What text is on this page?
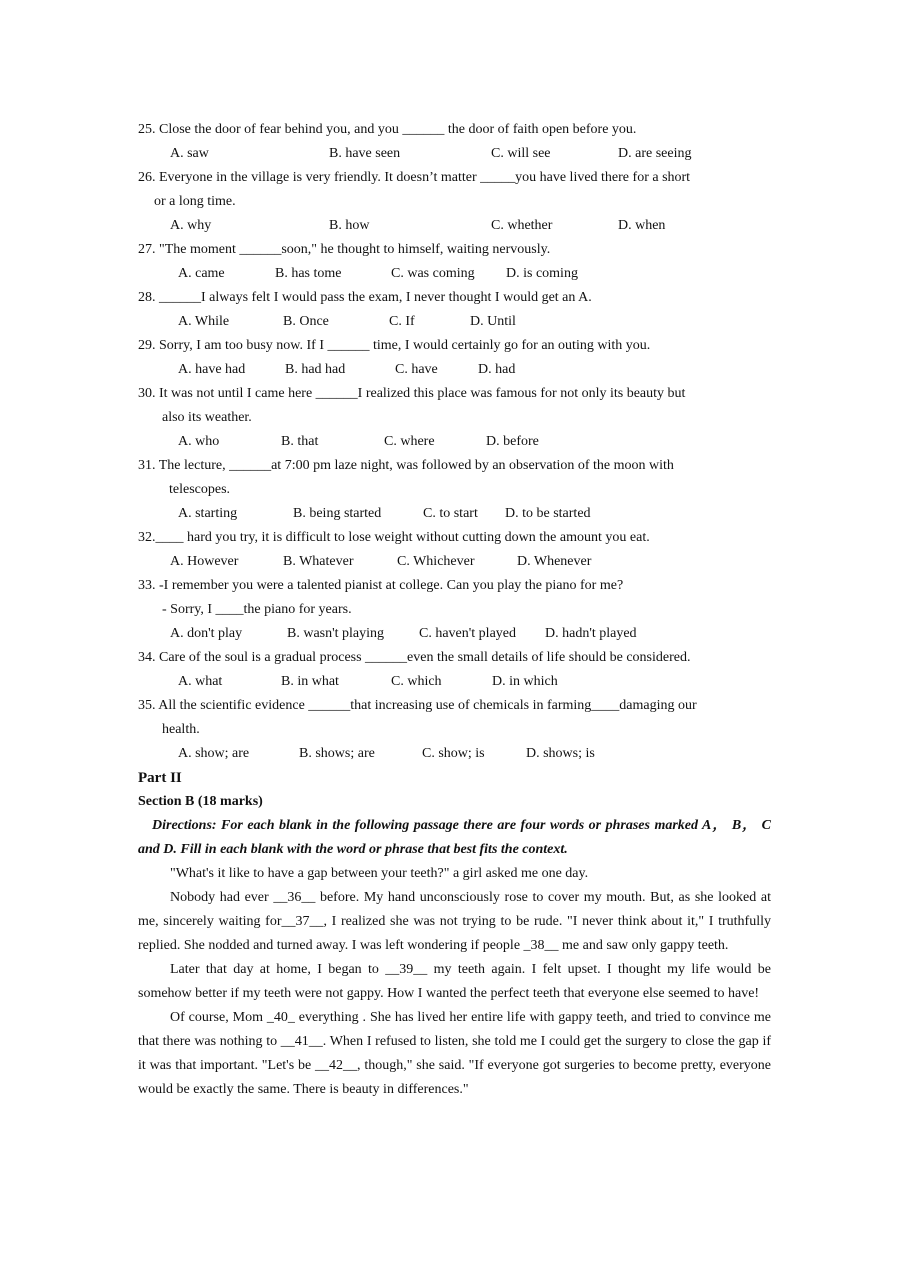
25. Close the door of fear behind you, and you ______ the door of faith open before you.

A. saw	B. have seen	C. will see	D. are seeing

26. Everyone in the village is very friendly. It doesn’t matter _____you have lived there for a short

or a long time.

A. why	B. how	C. whether	D. when

27. "The moment ______soon," he thought to himself, waiting nervously.

A. came	B. has tome	C. was coming	D. is coming

28. ______I always felt I would pass the exam, I never thought I would get an A.

A. While	B. Once	C. If	D. Until

29. Sorry, I am too busy now. If I ______ time, I would certainly go for an outing with you.

A. have had	B. had had	C. have	D. had

30. It was not until I came here ______I realized this place was famous for not only its beauty but

also its weather.

A. who	B. that	C. where	D. before

31. The lecture, ______at 7:00 pm laze night, was followed by an observation of the moon with

telescopes.

A. starting	B. being started	C. to start	D. to be started

32.____ hard you try, it is difficult to lose weight without cutting down the amount you eat.

A. However	B. Whatever	C. Whichever	D. Whenever

33. -I remember you were a talented pianist at college. Can you play the piano for me?

- Sorry, I ____the piano for years.

A. don't play	B. wasn't playing	C. haven't played	D. hadn't played

34. Care of the soul is a gradual process ______even the small details of life should be considered.

A. what	B. in what	C. which	D. in which

35. All the scientific evidence ______that increasing use of chemicals in farming____damaging our

health.

A. show; are	B. shows; are	C. show; is	D. shows; is

Part II

Section B (18 marks)

Directions: For each blank in the following passage there are four words or phrases marked A， B， C and D. Fill in each blank with the word or phrase that best fits the context.

"What's it like to have a gap between your teeth?" a girl asked me one day.

Nobody had ever __36__ before. My hand unconsciously rose to cover my mouth. But, as she looked at me, sincerely waiting for__37__, I realized she was not trying to be rude. "I never think about it," I truthfully replied. She nodded and turned away. I was left wondering if people _38__ me and saw only gappy teeth.

Later that day at home, I began to __39__ my teeth again. I felt upset. I thought my life would be somehow better if my teeth were not gappy. How I wanted the perfect teeth that everyone else seemed to have!

Of course, Mom _40_ everything . She has lived her entire life with gappy teeth, and tried to convince me that there was nothing to __41__. When I refused to listen, she told me I could get the surgery to close the gap if it was that important. "Let's be __42__, though," she said. "If everyone got surgeries to become pretty, everyone would be exactly the same. There is beauty in differences."
